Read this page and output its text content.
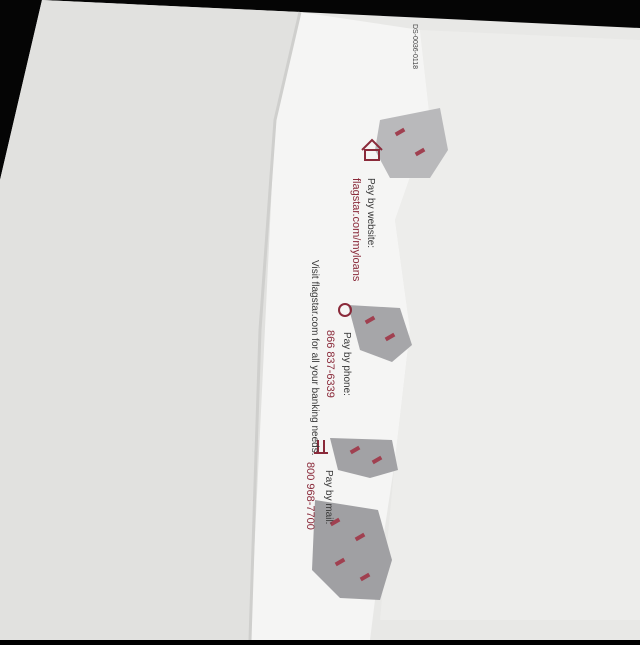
DS-0036-0118
Pay by website:
flagstar.com/myloans
Pay by phone:
866 837-6339
Visit flagstar.com for all your banking needs.
Pay by mail:
800 968-7700
